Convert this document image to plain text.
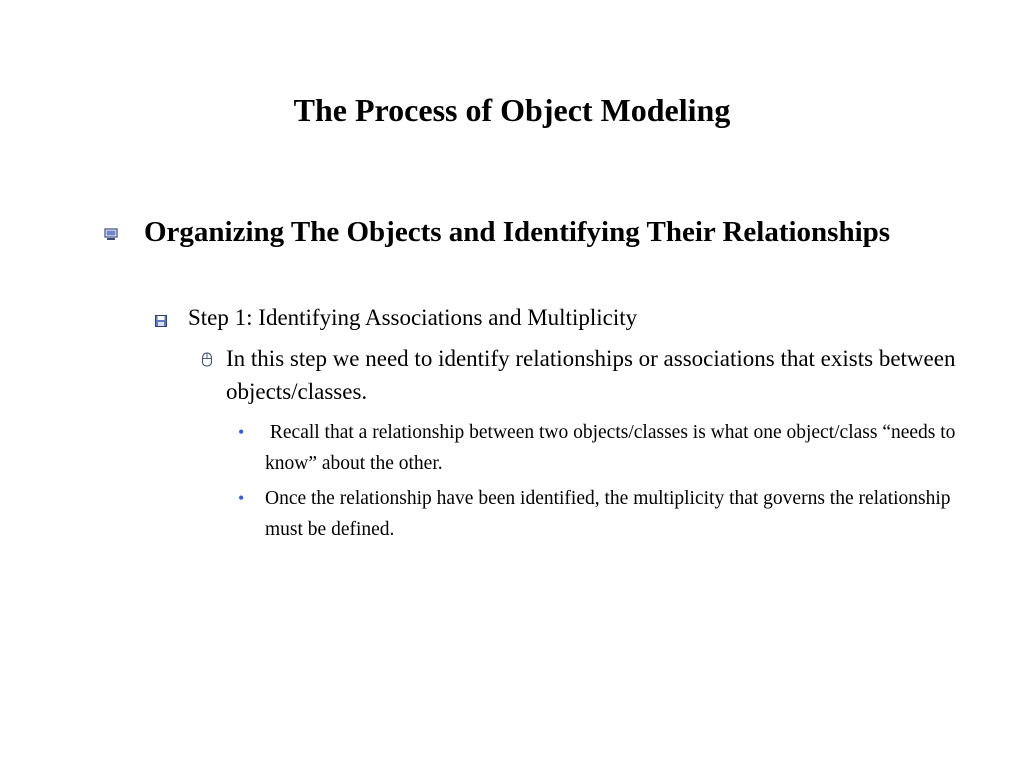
The Process of Object Modeling
Organizing The Objects and Identifying Their Relationships
Step 1: Identifying Associations and Multiplicity
In this step we need to identify relationships or associations that exists between objects/classes.
•	Recall that a relationship between two objects/classes is what one object/class “needs to know” about the other.
•	Once the relationship have been identified, the multiplicity that governs the relationship must be defined.
